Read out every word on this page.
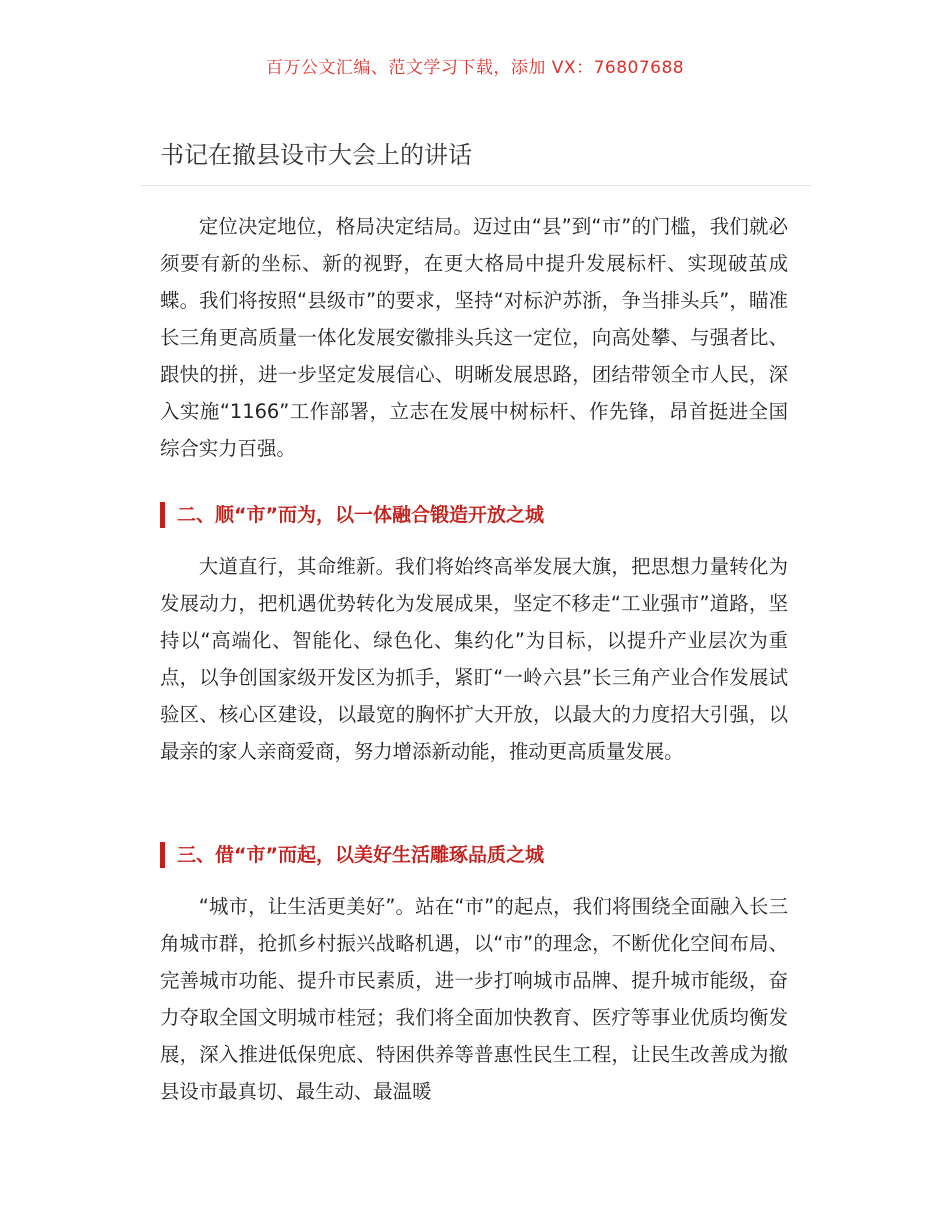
百万公文汇编、范文学习下载，添加 VX：76807688
书记在撤县设市大会上的讲话

定位决定地位，格局决定结局。迈过由“县”到“市”的门槛，我们就必须要有新的坐标、新的视野，在更大格局中提升发展标杆、实现破茧成蝶。我们将按照“县级市”的要求，坚持“对标沪苏浙，争当排头兵”，瞄准长三角更高质量一体化发展安徽排头兵这一定位，向高处攀、与强者比、跟快的拼，进一步坚定发展信心、明晰发展思路，团结带领全市人民，深入实施“1166”工作部署，立志在发展中树标杆、作先锋，昂首挺进全国综合实力百强。

二、顺“市”而为，以一体融合锻造开放之城

大道直行，其命维新。我们将始终高举发展大旗，把思想力量转化为发展动力，把机遇优势转化为发展成果，坚定不移走“工业强市”道路，坚持以“高端化、智能化、绿色化、集约化”为目标，以提升产业层次为重点，以争创国家级开发区为抓手，紧盯“一岭六县”长三角产业合作发展试验区、核心区建设，以最宽的胸怀扩大开放，以最大的力度招大引强，以最亲的家人亲商爱商，努力增添新动能，推动更高质量发展。

三、借“市”而起，以美好生活雕琢品质之城

“城市，让生活更美好”。站在“市”的起点，我们将围绕全面融入长三角城市群，抢抓乡村振兴战略机遇，以“市”的理念，不断优化空间布局、完善城市功能、提升市民素质，进一步打响城市品牌、提升城市能级，奋力夺取全国文明城市桂冠；我们将全面加快教育、医疗等事业优质均衡发展，深入推进低保兜底、特困供养等普惠性民生工程，让民生改善成为撤县设市最真切、最生动、最温暖
